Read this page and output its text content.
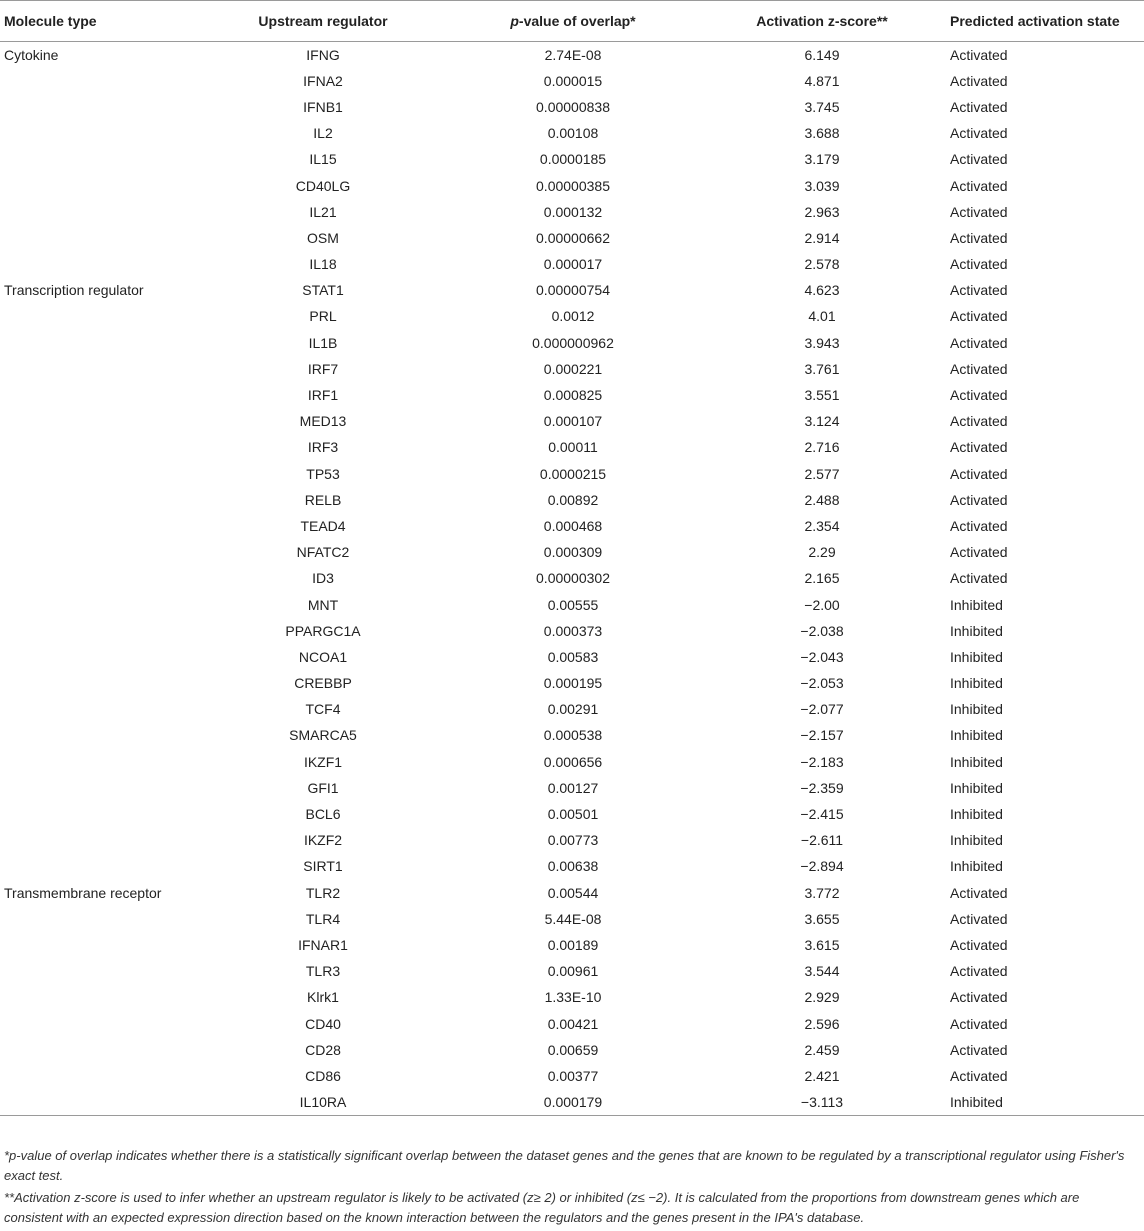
Molecule type	Upstream regulator	p-value of overlap*	Activation z-score**	Predicted activation state
Cytokine	IFNG	2.74E-08	6.149	Activated
	IFNA2	0.000015	4.871	Activated
	IFNB1	0.00000838	3.745	Activated
	IL2	0.00108	3.688	Activated
	IL15	0.0000185	3.179	Activated
	CD40LG	0.00000385	3.039	Activated
	IL21	0.000132	2.963	Activated
	OSM	0.00000662	2.914	Activated
	IL18	0.000017	2.578	Activated
Transcription regulator	STAT1	0.00000754	4.623	Activated
	PRL	0.0012	4.01	Activated
	IL1B	0.000000962	3.943	Activated
	IRF7	0.000221	3.761	Activated
	IRF1	0.000825	3.551	Activated
	MED13	0.000107	3.124	Activated
	IRF3	0.00011	2.716	Activated
	TP53	0.0000215	2.577	Activated
	RELB	0.00892	2.488	Activated
	TEAD4	0.000468	2.354	Activated
	NFATC2	0.000309	2.29	Activated
	ID3	0.00000302	2.165	Activated
	MNT	0.00555	−2.00	Inhibited
	PPARGC1A	0.000373	−2.038	Inhibited
	NCOA1	0.00583	−2.043	Inhibited
	CREBBP	0.000195	−2.053	Inhibited
	TCF4	0.00291	−2.077	Inhibited
	SMARCA5	0.000538	−2.157	Inhibited
	IKZF1	0.000656	−2.183	Inhibited
	GFI1	0.00127	−2.359	Inhibited
	BCL6	0.00501	−2.415	Inhibited
	IKZF2	0.00773	−2.611	Inhibited
	SIRT1	0.00638	−2.894	Inhibited
Transmembrane receptor	TLR2	0.00544	3.772	Activated
	TLR4	5.44E-08	3.655	Activated
	IFNAR1	0.00189	3.615	Activated
	TLR3	0.00961	3.544	Activated
	Klrk1	1.33E-10	2.929	Activated
	CD40	0.00421	2.596	Activated
	CD28	0.00659	2.459	Activated
	CD86	0.00377	2.421	Activated
	IL10RA	0.000179	−3.113	Inhibited

*p-value of overlap indicates whether there is a statistically significant overlap between the dataset genes and the genes that are known to be regulated by a transcriptional regulator using Fisher's exact test.

**Activation z-score is used to infer whether an upstream regulator is likely to be activated (z≥ 2) or inhibited (z≤ −2). It is calculated from the proportions from downstream genes which are consistent with an expected expression direction based on the known interaction between the regulators and the genes present in the IPA's database.
